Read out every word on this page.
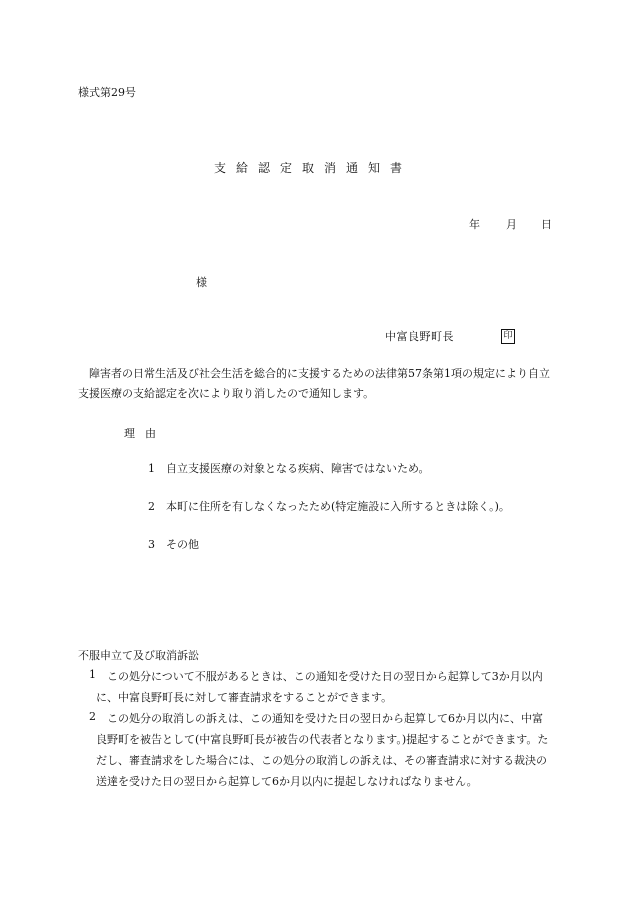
様式第29号
支給認定取消通知書
年 月 日
様
中富良野町長	印
障害者の日常生活及び社会生活を総合的に支援するための法律第57条第1項の規定により自立支援医療の支給認定を次により取り消したので通知します。
理由
1 自立支援医療の対象となる疾病、障害ではないため。
2 本町に住所を有しなくなったため(特定施設に入所するときは除く。)。
3 その他
不服申立て及び取消訴訟
1	この処分について不服があるときは、この通知を受けた日の翌日から起算して3か月以内に、中富良野町長に対して審査請求をすることができます。
2	この処分の取消しの訴えは、この通知を受けた日の翌日から起算して6か月以内に、中富良野町を被告として(中富良野町長が被告の代表者となります。)提起することができます。ただし、審査請求をした場合には、この処分の取消しの訴えは、その審査請求に対する裁決の送達を受けた日の翌日から起算して6か月以内に提起しなければなりません。
